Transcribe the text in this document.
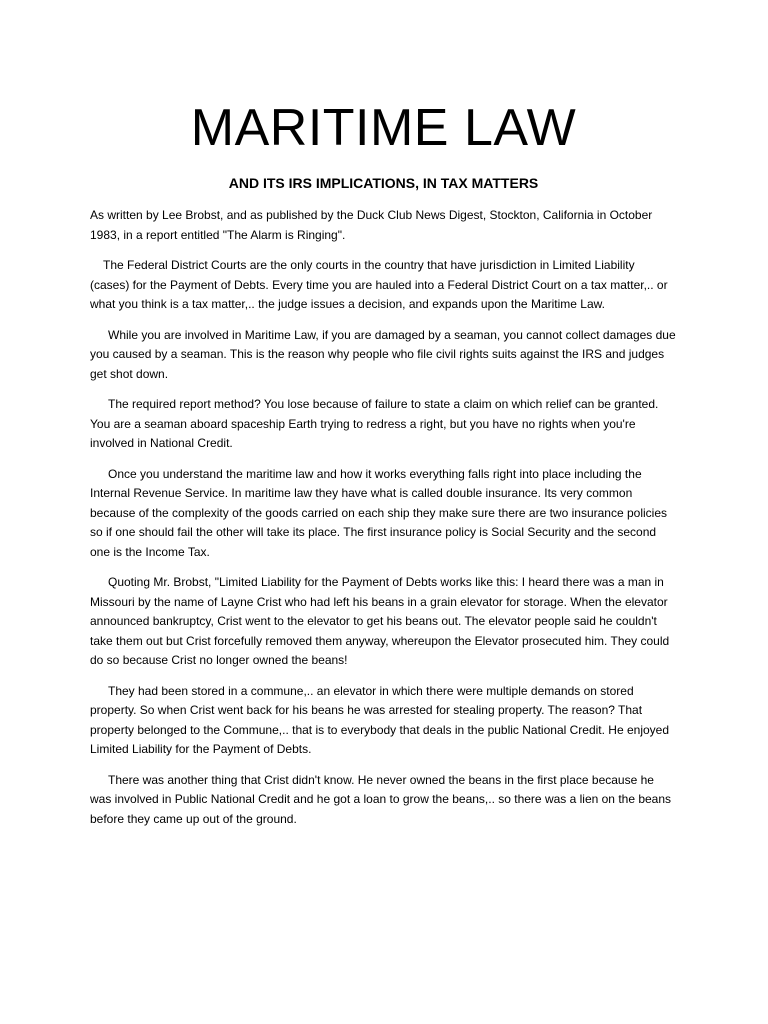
MARITIME LAW
AND ITS IRS IMPLICATIONS, IN TAX MATTERS

As written by Lee Brobst, and as published by the Duck Club News Digest, Stockton, California in October 1983, in a report entitled "The Alarm is Ringing".

The Federal District Courts are the only courts in the country that have jurisdiction in Limited Liability (cases) for the Payment of Debts. Every time you are hauled into a Federal District Court on a tax matter,.. or what you think is a tax matter,.. the judge issues a decision, and expands upon the Maritime Law.

While you are involved in Maritime Law, if you are damaged by a seaman, you cannot collect damages due you caused by a seaman. This is the reason why people who file civil rights suits against the IRS and judges get shot down.

The required report method? You lose because of failure to state a claim on which relief can be granted. You are a seaman aboard spaceship Earth trying to redress a right, but you have no rights when you're involved in National Credit.

Once you understand the maritime law and how it works everything falls right into place including the Internal Revenue Service. In maritime law they have what is called double insurance. Its very common because of the complexity of the goods carried on each ship they make sure there are two insurance policies so if one should fail the other will take its place. The first insurance policy is Social Security and the second one is the Income Tax.

Quoting Mr. Brobst, "Limited Liability for the Payment of Debts works like this: I heard there was a man in Missouri by the name of Layne Crist who had left his beans in a grain elevator for storage. When the elevator announced bankruptcy, Crist went to the elevator to get his beans out. The elevator people said he couldn't take them out but Crist forcefully removed them anyway, whereupon the Elevator prosecuted him. They could do so because Crist no longer owned the beans!

They had been stored in a commune,.. an elevator in which there were multiple demands on stored property. So when Crist went back for his beans he was arrested for stealing property. The reason? That property belonged to the Commune,.. that is to everybody that deals in the public National Credit. He enjoyed Limited Liability for the Payment of Debts.

There was another thing that Crist didn't know. He never owned the beans in the first place because he was involved in Public National Credit and he got a loan to grow the beans,.. so there was a lien on the beans before they came up out of the ground.
